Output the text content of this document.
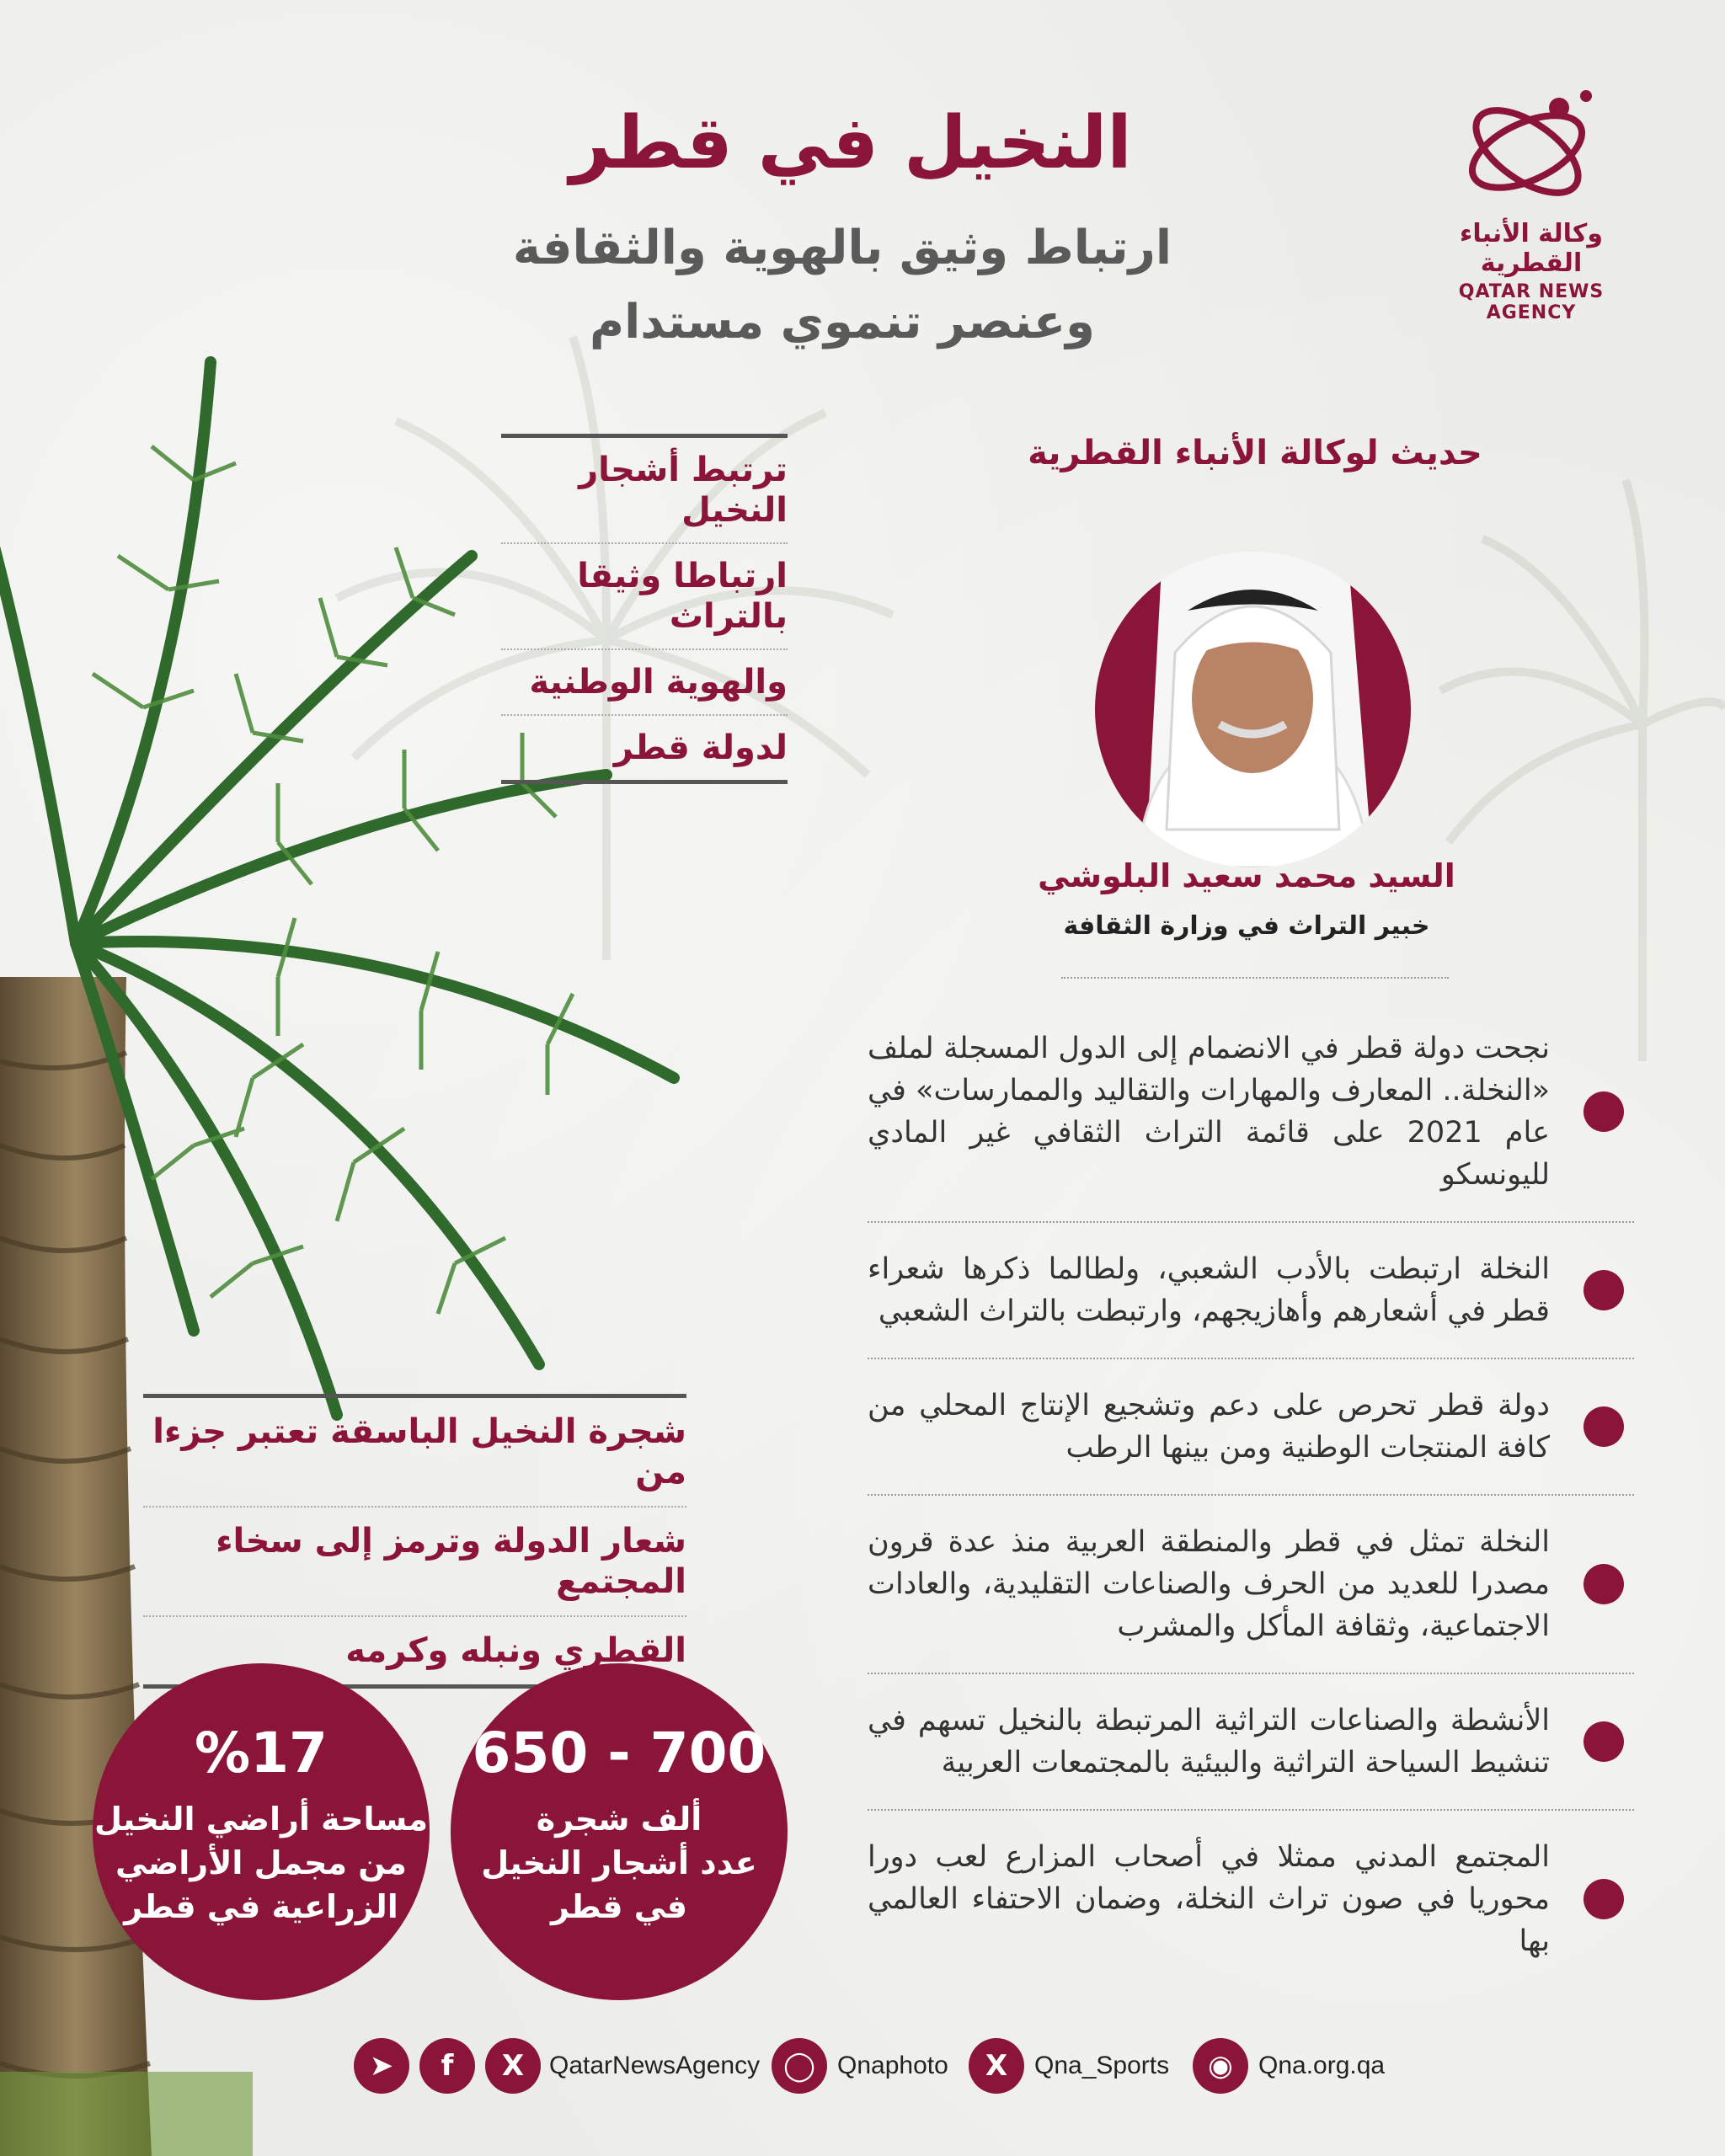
النخيل في قطر
ارتباط وثيق بالهوية والثقافة
وعنصر تنموي مستدام
وكالة الأنباء القطرية
QATAR NEWS AGENCY
ترتبط أشجار النخيل
ارتباطا وثيقا بالتراث
والهوية الوطنية
لدولة قطر
حديث لوكالة الأنباء القطرية
السيد محمد سعيد البلوشي
خبير التراث في وزارة الثقافة
نجحت دولة قطر في الانضمام إلى الدول المسجلة لملف «النخلة.. المعارف والمهارات والتقاليد والممارسات» في عام 2021 على قائمة التراث الثقافي غير المادي لليونسكو
النخلة ارتبطت بالأدب الشعبي، ولطالما ذكرها شعراء قطر في أشعارهم وأهازيجهم، وارتبطت بالتراث الشعبي
دولة قطر تحرص على دعم وتشجيع الإنتاج المحلي من كافة المنتجات الوطنية ومن بينها الرطب
النخلة تمثل في قطر والمنطقة العربية منذ عدة قرون مصدرا للعديد من الحرف والصناعات التقليدية، والعادات الاجتماعية، وثقافة المأكل والمشرب
الأنشطة والصناعات التراثية المرتبطة بالنخيل تسهم في تنشيط السياحة التراثية والبيئية بالمجتمعات العربية
المجتمع المدني ممثلا في أصحاب المزارع لعب دورا محوريا في صون تراث النخلة، وضمان الاحتفاء العالمي بها
شجرة النخيل الباسقة تعتبر جزءا من
شعار الدولة وترمز إلى سخاء المجتمع
القطري ونبله وكرمه
650 - 700
ألف شجرة
عدد أشجار النخيل
في قطر
%17
مساحة أراضي النخيل
من مجمل الأراضي
الزراعية في قطر
➤	f	X QatarNewsAgency ◯ Qnaphoto	X	Qna_Sports	◉	Qna.org.qa
